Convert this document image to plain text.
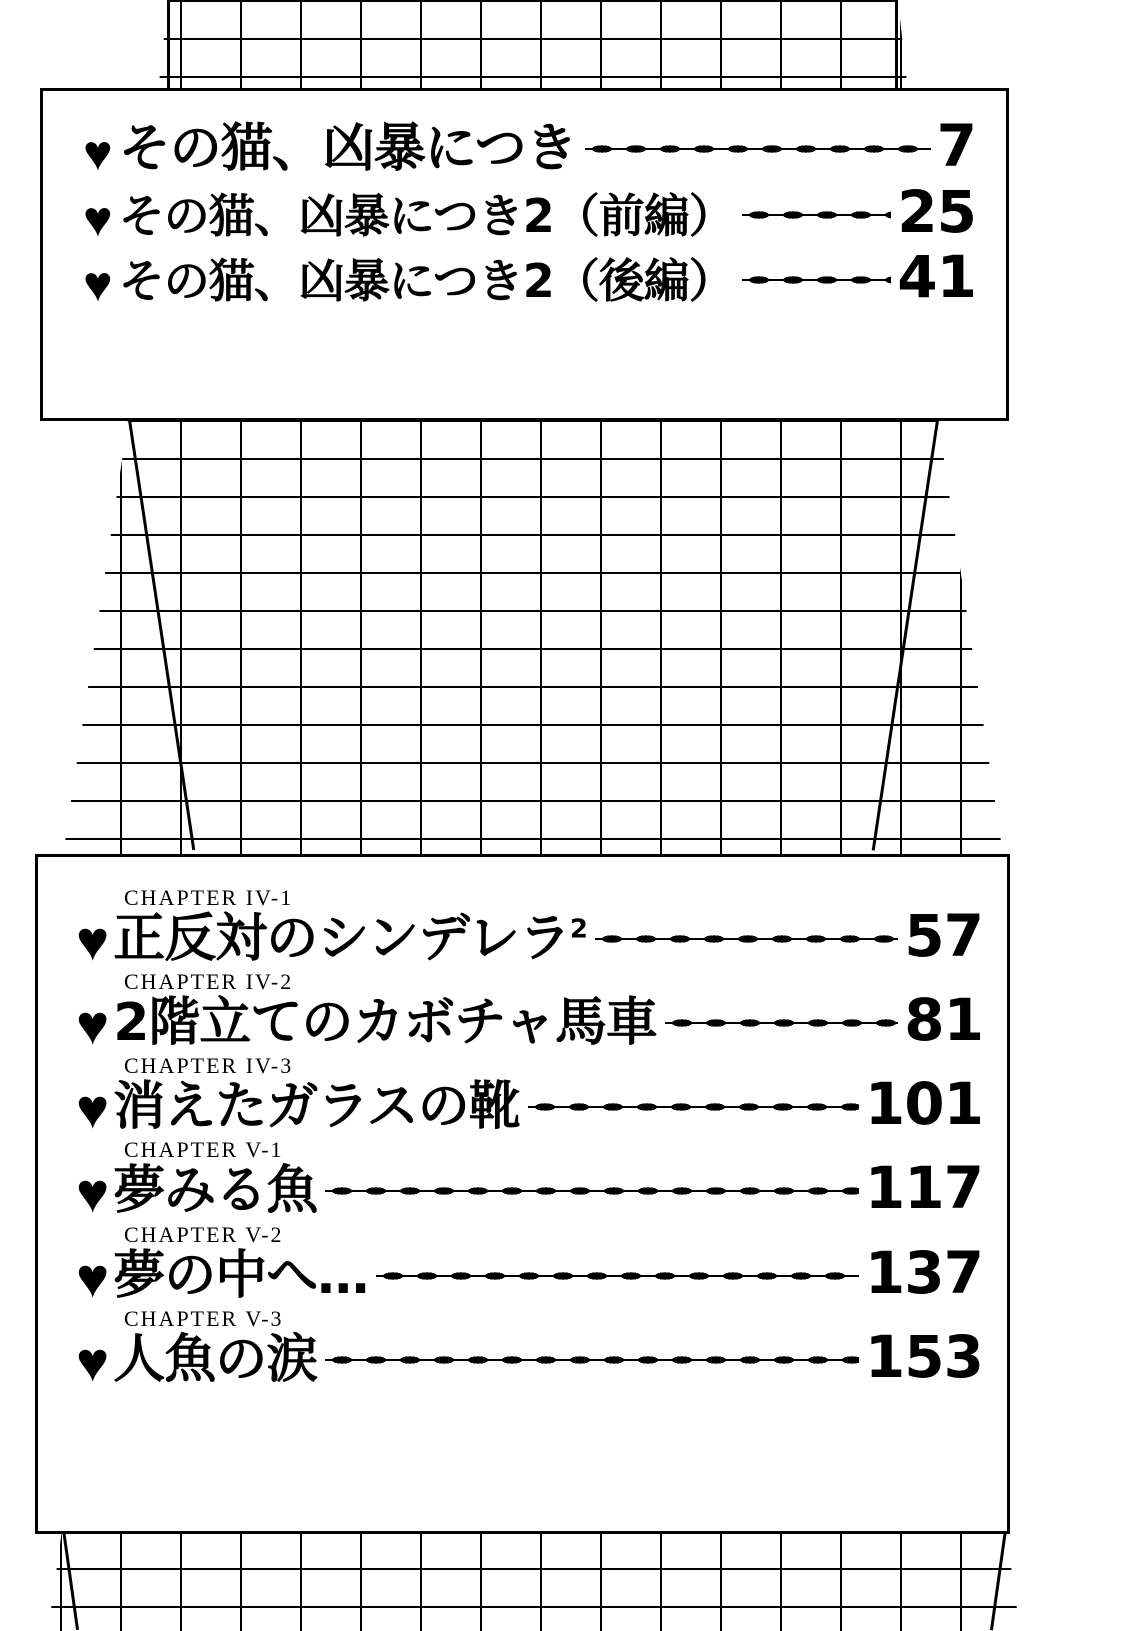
♥ その猫、凶暴につき	7
♥ その猫、凶暴につき2（前編）	25
♥ その猫、凶暴につき2（後編）	41
CHAPTER IV-1
♥ 正反対のシンデレラ$^2$	57
CHAPTER IV-2
♥ 2階立てのカボチャ馬車	81
CHAPTER IV-3
♥ 消えたガラスの靴	101
CHAPTER V-1
♥ 夢みる魚	117
CHAPTER V-2
♥ 夢の中へ…	137
CHAPTER V-3
♥ 人魚の涙	153
